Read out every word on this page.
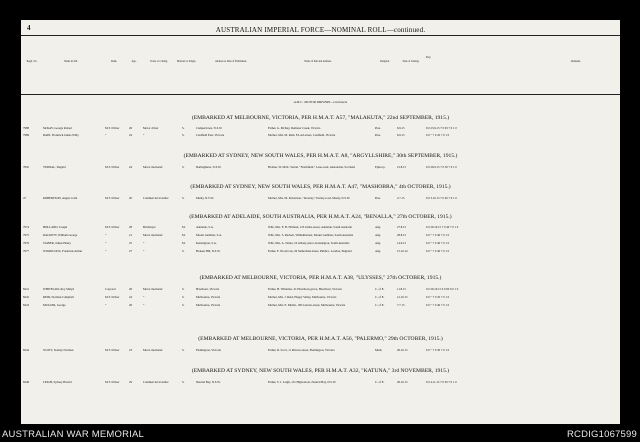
4	AUSTRALIAN IMPERIAL FORCE—NOMINAL ROLL—continued.
Regtl. No.	Name in full.	Rank.	Age.	Trade or Calling.	Married or Single.	Address at Date of Enlistment.	Name of Kin and Address.	Religion.	Date of Joining.
Pay.
Remarks.
A.M.C. MOTOR DRIVERS—continued.
(EMBARKED AT MELBOURNE, VICTORIA, PER H.M.A.T. A57, "MALAKUTA," 22nd SEPTEMBER, 1915.)
7988	McKAY, George Robert	M.T. Driver	26	Motor driver	S.	Camperdown, N.S.W.	Father, G. McKay, Demeter Creek, Victoria	Pres.	6.9.15	6 0 23.9.15 7 0 63 7 0 1 0
7989	RAIN, Frederick James Willy	”	24	”	S.	Caulfield East, Victoria	Mother, Mrs. M. Rain, 8 Lord-street, Caulfield, Victoria	Pres.	6.9.15	6 0 ” 7 0 45 7 0 1 0
(EMBARKED AT SYDNEY, NEW SOUTH WALES, PER H.M.A.T. A8, "ARGYLLSHIRE," 30th SEPTEMBER, 1915.)
7845	VERNAL, Dugald	M.T. Driver	24	Motor mechanic	S.	Darlinghurst, N.S.W.	Brother, W. McK. Vernal, "Northfield," Lane-road, Alexandria, Scotland	Episcop.	21.8.15	6 0 29.9.15 7 0 30 7 0 1 0
(EMBARKED AT SYDNEY, NEW SOUTH WALES, PER H.M.A.T. A47, "MASHOBRA," 4th OCTOBER, 1915.)
47	ROBERTSON, Angus Colin	M.T. Driver	20	Commercial traveller	S.	Manly, N.S.W.	Mother, Mrs. M. Robertson, "Invertay," Darley-road, Manly, N.S.W.	Pres.	2.7.15	6 0 3.10.15 7 0 40 7 0 1 0
(EMBARKED AT ADELAIDE, SOUTH AUSTRALIA, PER H.M.A.T. A24, "BENALLA," 27th OCTOBER, 1915.)
7974	HOLLAND, Joseph	M.T. Driver	28	Bricklayer	M.	Adelaide, S.A.	Wife, Mrs. E. B. Holland, 123 Gilles-street, Adelaide, South Australia	Ang.	27.8.15	6 0 26.10.15 7 0 40 7 0 1 0
7975	RACKETT, William George	”	21	Motor mechanic	M.	Mount Gambier, S.A.	Wife, Mrs. S. Rackett, Wilhelmstreet, Mount Gambier, South Australia	Ang.	28.8.15	6 0 ” 7 0 40 7 0 1 0
7976	TAINER, James Henry	”	25	”	M.	Kensington, S.A.	Wife, Mrs. A. Tainer, 16 Albany-place, Kensington, South Australia	Ang.	14.9.15	6 0 ” 7 0 40 7 0 1 0
7977	WOODCOCK, Frederick Arthur	”	27	”	S.	Broken Hill, N.S.W.	Father, F. Woodcock, 26 Sutherland-street, Pimlico, London, England	Ang.	15.10.14	6 0 ” 7 0 40 7 0 1 0
(EMBARKED AT MELBOURNE, VICTORIA, PER H.M.A.T. A38, "ULYSSES," 27th OCTOBER, 1915.)
8241	WHITELAW, Roy Melyd	Corporal	26	Motor mechanic	S.	Hawthorn, Victoria	Father, H. Whitelaw, 41 Hawthorn-grove, Hawthorn, Victoria	C. of E.	11.8.15	9 0 26.10.15 9 0 60 9 0 1 0
8242	REID, Norman Campbell	M.T. Driver	24	”	S.	Melbourne, Victoria	Mother, Mrs. J. Reid, Happy Valley, Melbourne, Victoria	C. of E.	12.10.15	6 0 ” 7 0 45 7 0 1 0
8243	MULLER, George	”	26	”	S.	Melbourne, Victoria	Mother, Mrs. E. Muller, 109 Latrobe-street, Melbourne, Victoria	C. of E.	7.7.15	6 0 ” 7 0 40 7 0 1 0
(EMBARKED AT MELBOURNE, VICTORIA, PER H.M.A.T. A56, "PALERMO," 29th OCTOBER, 1915.)
8244	SCOTT, Stanley Norman	M.T. Driver	23	Motor mechanic	S.	Flemington, Victoria	Father, R. Scott, 11 Princes-street, Flemington, Victoria	Meth.	26.10.15	6 0 ” 7 0 30 7 0 1 0
(EMBARKED AT SYDNEY, NEW SOUTH WALES, PER H.M.A.T. A32, "KATUNA," 3rd NOVEMBER, 1915.)
8248	LEIGH, Sydney Harold	M.T. Driver	29	Commercial traveller	S.	Neutral Bay, N.S.W.	Father, T. J. Leigh, 131 High-street, Neutral Bay, N.S.W.	C. of E.	26.10.15	6 0 4.11.15 7 0 30 7 0 1 0
AUSTRALIAN WAR MEMORIAL	RCDIG1067599
